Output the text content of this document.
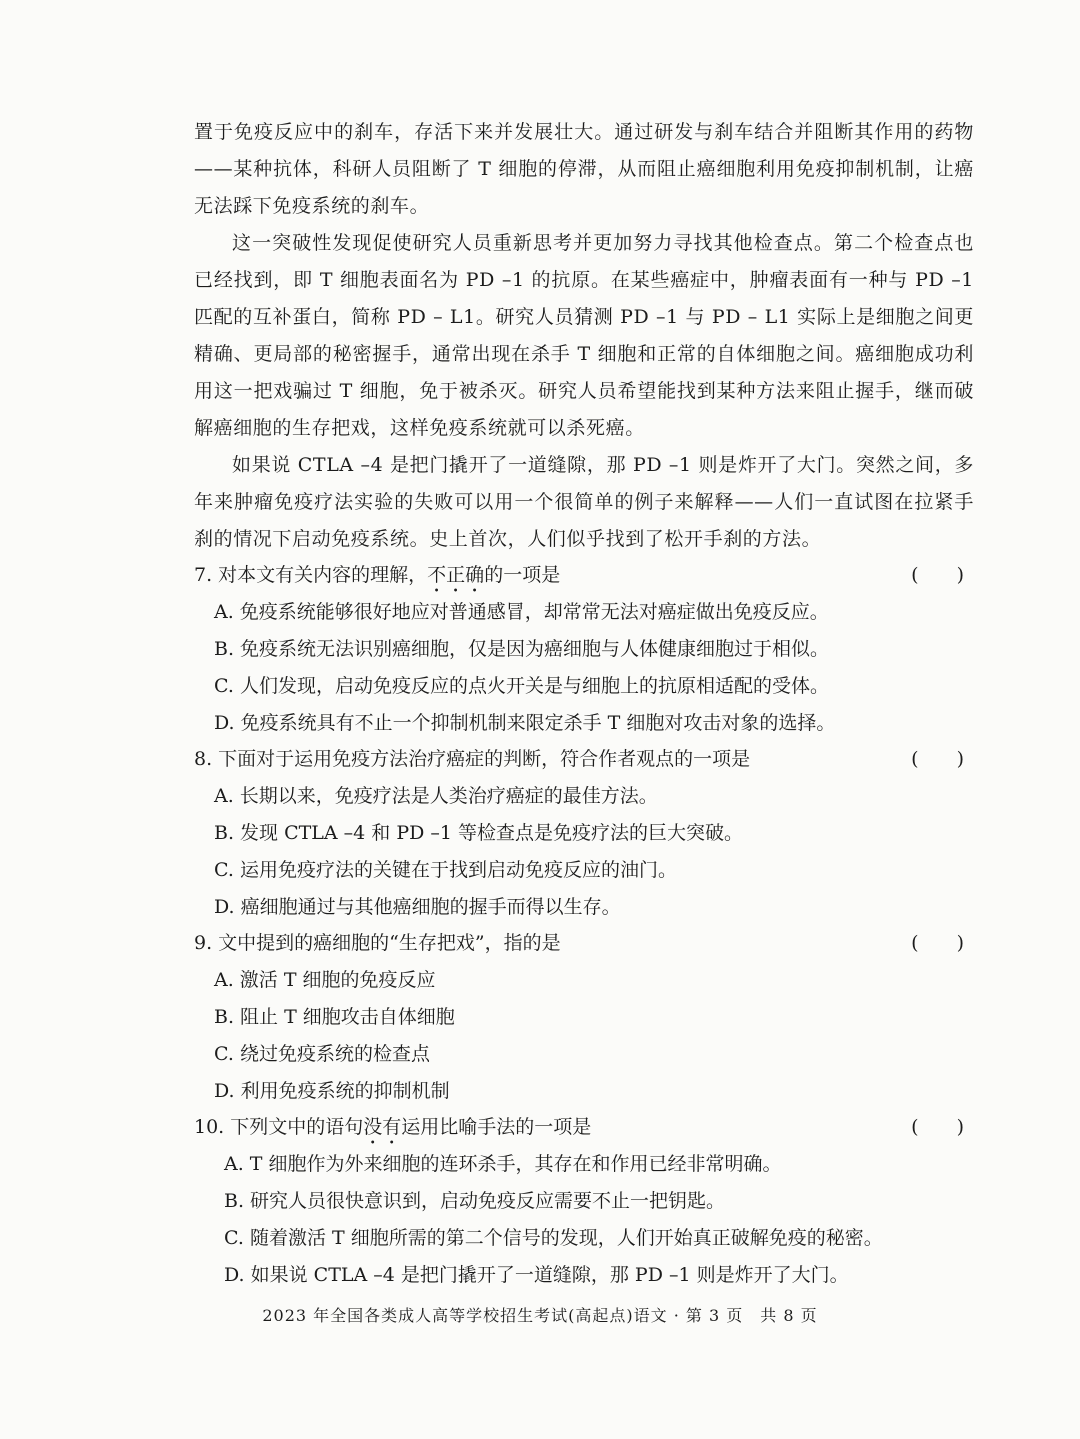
置于免疫反应中的刹车，存活下来并发展壮大。通过研发与刹车结合并阻断其作用的药物——某种抗体，科研人员阻断了 T 细胞的停滞，从而阻止癌细胞利用免疫抑制机制，让癌无法踩下免疫系统的刹车。

这一突破性发现促使研究人员重新思考并更加努力寻找其他检查点。第二个检查点也已经找到，即 T 细胞表面名为 PD –1 的抗原。在某些癌症中，肿瘤表面有一种与 PD –1 匹配的互补蛋白，简称 PD – L1。研究人员猜测 PD –1 与 PD – L1 实际上是细胞之间更精确、更局部的秘密握手，通常出现在杀手 T 细胞和正常的自体细胞之间。癌细胞成功利用这一把戏骗过 T 细胞，免于被杀灭。研究人员希望能找到某种方法来阻止握手，继而破解癌细胞的生存把戏，这样免疫系统就可以杀死癌。

如果说 CTLA –4 是把门撬开了一道缝隙，那 PD –1 则是炸开了大门。突然之间，多年来肿瘤免疫疗法实验的失败可以用一个很简单的例子来解释——人们一直试图在拉紧手刹的情况下启动免疫系统。史上首次，人们似乎找到了松开手刹的方法。

7. 对本文有关内容的理解，不正确的一项是	(　　)
A. 免疫系统能够很好地应对普通感冒，却常常无法对癌症做出免疫反应。
B. 免疫系统无法识别癌细胞，仅是因为癌细胞与人体健康细胞过于相似。
C. 人们发现，启动免疫反应的点火开关是与细胞上的抗原相适配的受体。
D. 免疫系统具有不止一个抑制机制来限定杀手 T 细胞对攻击对象的选择。
8. 下面对于运用免疫方法治疗癌症的判断，符合作者观点的一项是	(　　)
A. 长期以来，免疫疗法是人类治疗癌症的最佳方法。
B. 发现 CTLA –4 和 PD –1 等检查点是免疫疗法的巨大突破。
C. 运用免疫疗法的关键在于找到启动免疫反应的油门。
D. 癌细胞通过与其他癌细胞的握手而得以生存。
9. 文中提到的癌细胞的“生存把戏”，指的是	(　　)
A. 激活 T 细胞的免疫反应
B. 阻止 T 细胞攻击自体细胞
C. 绕过免疫系统的检查点
D. 利用免疫系统的抑制机制
10. 下列文中的语句没有运用比喻手法的一项是	(　　)
A. T 细胞作为外来细胞的连环杀手，其存在和作用已经非常明确。
B. 研究人员很快意识到，启动免疫反应需要不止一把钥匙。
C. 随着激活 T 细胞所需的第二个信号的发现，人们开始真正破解免疫的秘密。
D. 如果说 CTLA –4 是把门撬开了一道缝隙，那 PD –1 则是炸开了大门。
2023 年全国各类成人高等学校招生考试(高起点)语文 · 第 3 页　共 8 页
